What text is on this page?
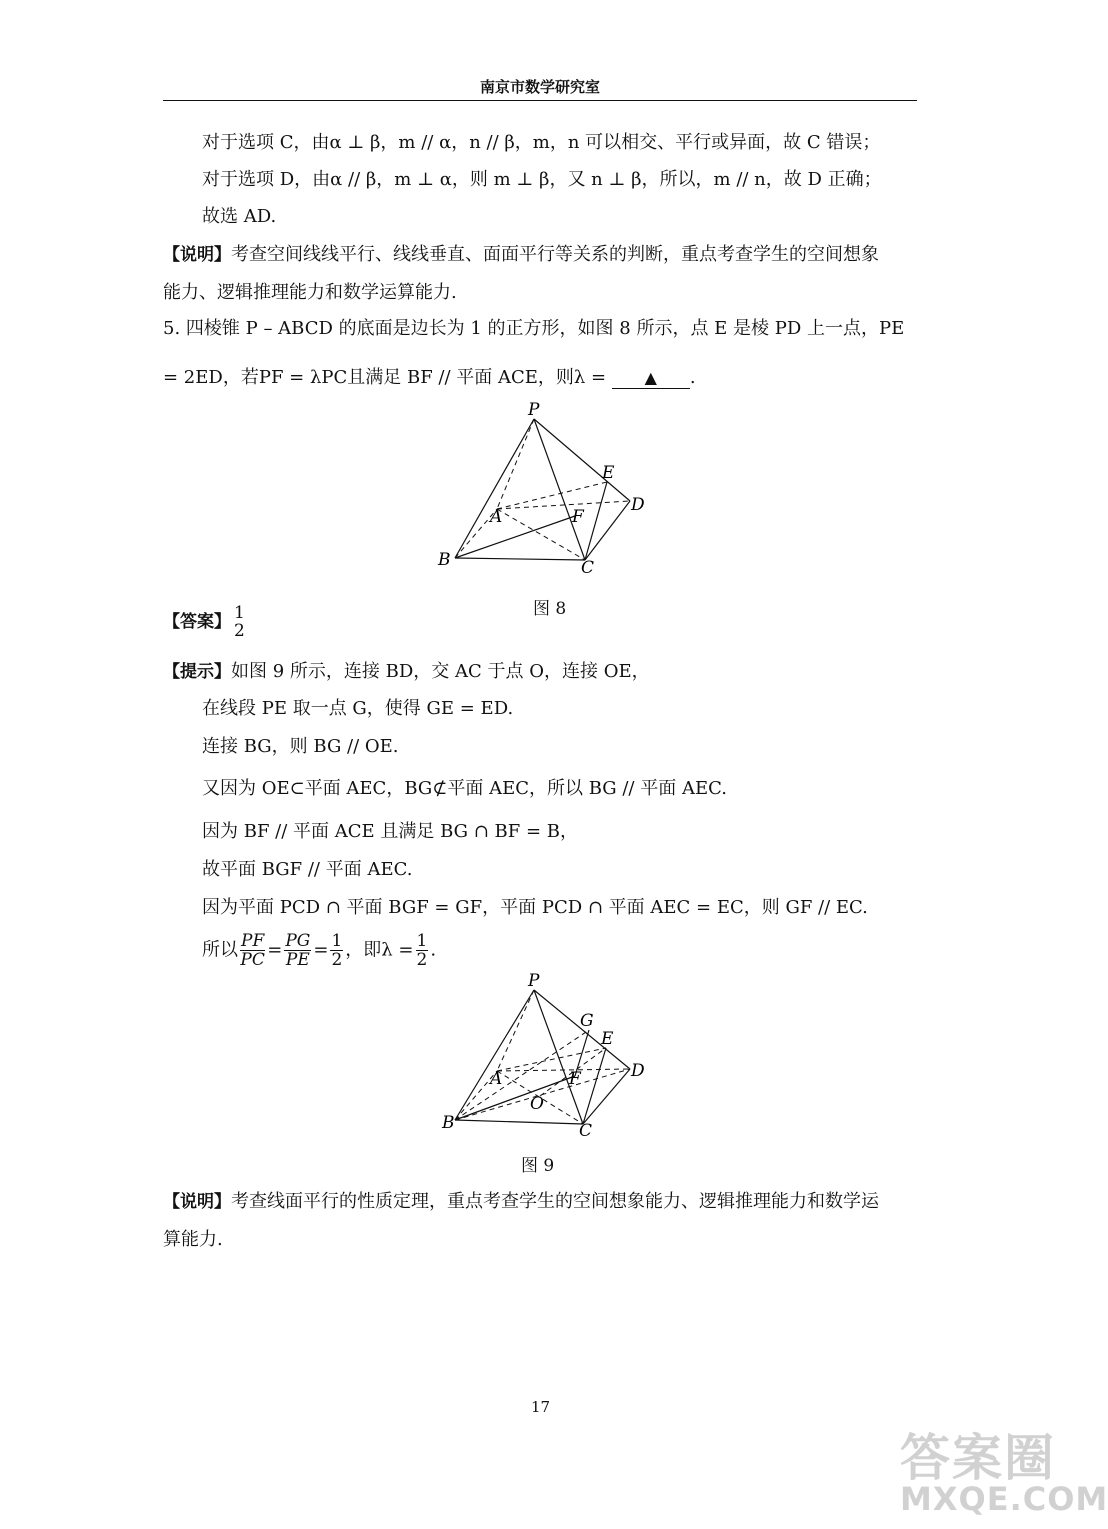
南京市数学研究室
对于选项 C，由α ⊥ β，m // α，n // β，m，n 可以相交、平行或异面，故 C 错误；
对于选项 D，由α // β，m ⊥ α，则 m ⊥ β，又 n ⊥ β，所以，m // n，故 D 正确；
故选 AD.
【说明】考查空间线线平行、线线垂直、面面平行等关系的判断，重点考查学生的空间想象
能力、逻辑推理能力和数学运算能力.
5. 四棱锥 P – ABCD 的底面是边长为 1 的正方形，如图 8 所示，点 E 是棱 PD 上一点，PE
= 2ED，若PF = λPC且满足 BF // 平面 ACE，则λ = ▲ .
P
E
D
A	F
B	C
图 8
【答案】 1
2
【提示】如图 9 所示，连接 BD，交 AC 于点 O，连接 OE，
在线段 PE 取一点 G，使得 GE = ED.
连接 BG，则 BG // OE.
又因为 OE⊂平面 AEC，BG⊄平面 AEC，所以 BG // 平面 AEC.
因为 BF // 平面 ACE 且满足 BG ∩ BF = B，
故平面 BGF // 平面 AEC.
因为平面 PCD ∩ 平面 BGF = GF，平面 PCD ∩ 平面 AEC = EC，则 GF // EC.
所以 $\frac{PF}{PC} = \frac{PG}{PE} = \frac{1}{2}$ ，即$\lambda = \frac{1}{2}$ .
P
G
E
D
A	F
O
B	C
图 9
【说明】考查线面平行的性质定理，重点考查学生的空间想象能力、逻辑推理能力和数学运
算能力.
17
答案圈
MXQE.COM
